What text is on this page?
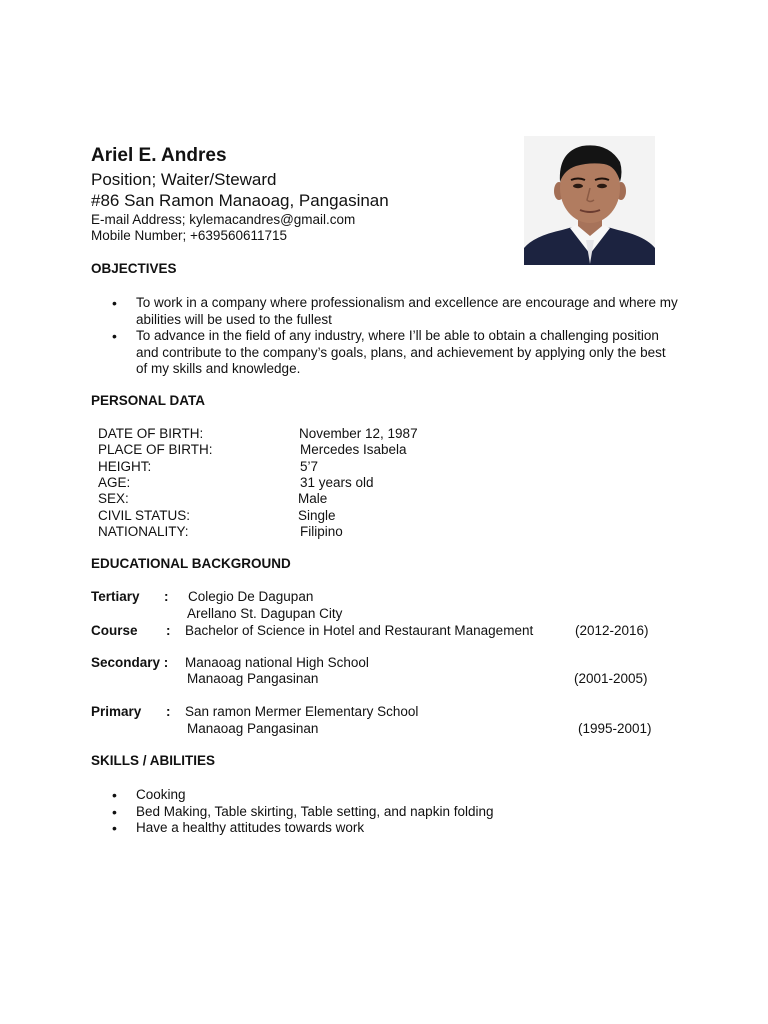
Ariel E. Andres
Position; Waiter/Steward
#86 San Ramon Manaoag, Pangasinan
E-mail Address; kylemacandres@gmail.com
Mobile Number; +639560611715
OBJECTIVES
• To work in a company where professionalism and excellence are encourage and where my abilities will be used to the fullest
• To advance in the field of any industry, where I’ll be able to obtain a challenging position and contribute to the company’s goals, plans, and achievement by applying only the best of my skills and knowledge.
PERSONAL DATA
DATE OF BIRTH:	November 12, 1987
PLACE OF BIRTH:	Mercedes Isabela
HEIGHT:	5’7
AGE:	31 years old
SEX:	Male
CIVIL STATUS:	Single
NATIONALITY:	Filipino
EDUCATIONAL BACKGROUND
Tertiary : Colegio De Dagupan
Arellano St. Dagupan City
Course : Bachelor of Science in Hotel and Restaurant Management	(2012-2016)
Secondary : Manaoag national High School
Manaoag Pangasinan	(2001-2005)
Primary : San ramon Mermer Elementary School
Manaoag Pangasinan	(1995-2001)
SKILLS / ABILITIES
• Cooking
• Bed Making, Table skirting, Table setting, and napkin folding
• Have a healthy attitudes towards work
